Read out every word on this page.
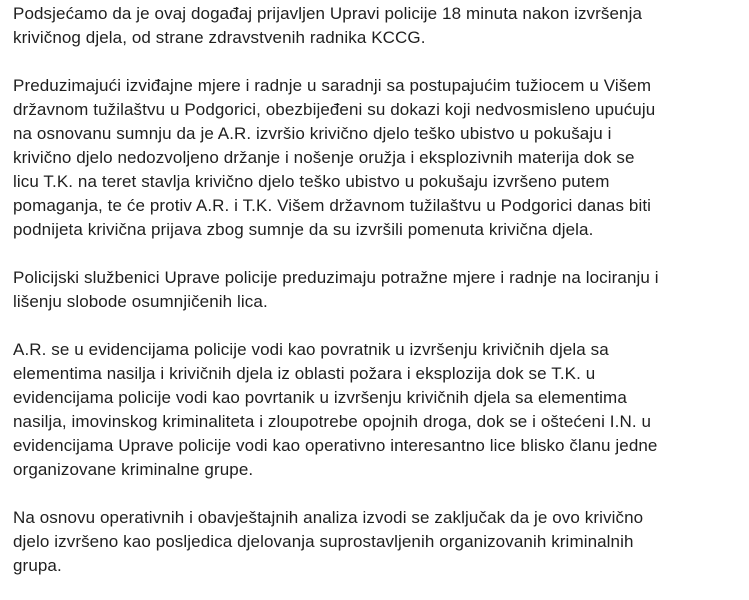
Podsjećamo da je ovaj događaj prijavljen Upravi policije 18 minuta nakon izvršenja
krivičnog djela, od strane zdravstvenih radnika KCCG.

Preduzimajući izviđajne mjere i radnje u saradnji sa postupajućim tužiocem u Višem
državnom tužilaštvu u Podgorici, obezbijeđeni su dokazi koji nedvosmisleno upućuju
na osnovanu sumnju da je A.R. izvršio krivično djelo teško ubistvo u pokušaju i
krivično djelo nedozvoljeno držanje i nošenje oružja i eksplozivnih materija dok se
licu T.K. na teret stavlja krivično djelo teško ubistvo u pokušaju izvršeno putem
pomaganja, te će protiv A.R. i T.K. Višem državnom tužilaštvu u Podgorici danas biti
podnijeta krivična prijava zbog sumnje da su izvršili pomenuta krivična djela.

Policijski službenici Uprave policije preduzimaju potražne mjere i radnje na lociranju i
lišenju slobode osumnjičenih lica.

A.R. se u evidencijama policije vodi kao povratnik u izvršenju krivičnih djela sa
elementima nasilja i krivičnih djela iz oblasti požara i eksplozija dok se T.K. u
evidencijama policije vodi kao povrtanik u izvršenju krivičnih djela sa elementima
nasilja, imovinskog kriminaliteta i zloupotrebe opojnih droga, dok se i oštećeni I.N. u
evidencijama Uprave policije vodi kao operativno interesantno lice blisko članu jedne
organizovane kriminalne grupe.

Na osnovu operativnih i obavještajnih analiza izvodi se zaključak da je ovo krivično
djelo izvršeno kao posljedica djelovanja suprostavljenih organizovanih kriminalnih
grupa.
